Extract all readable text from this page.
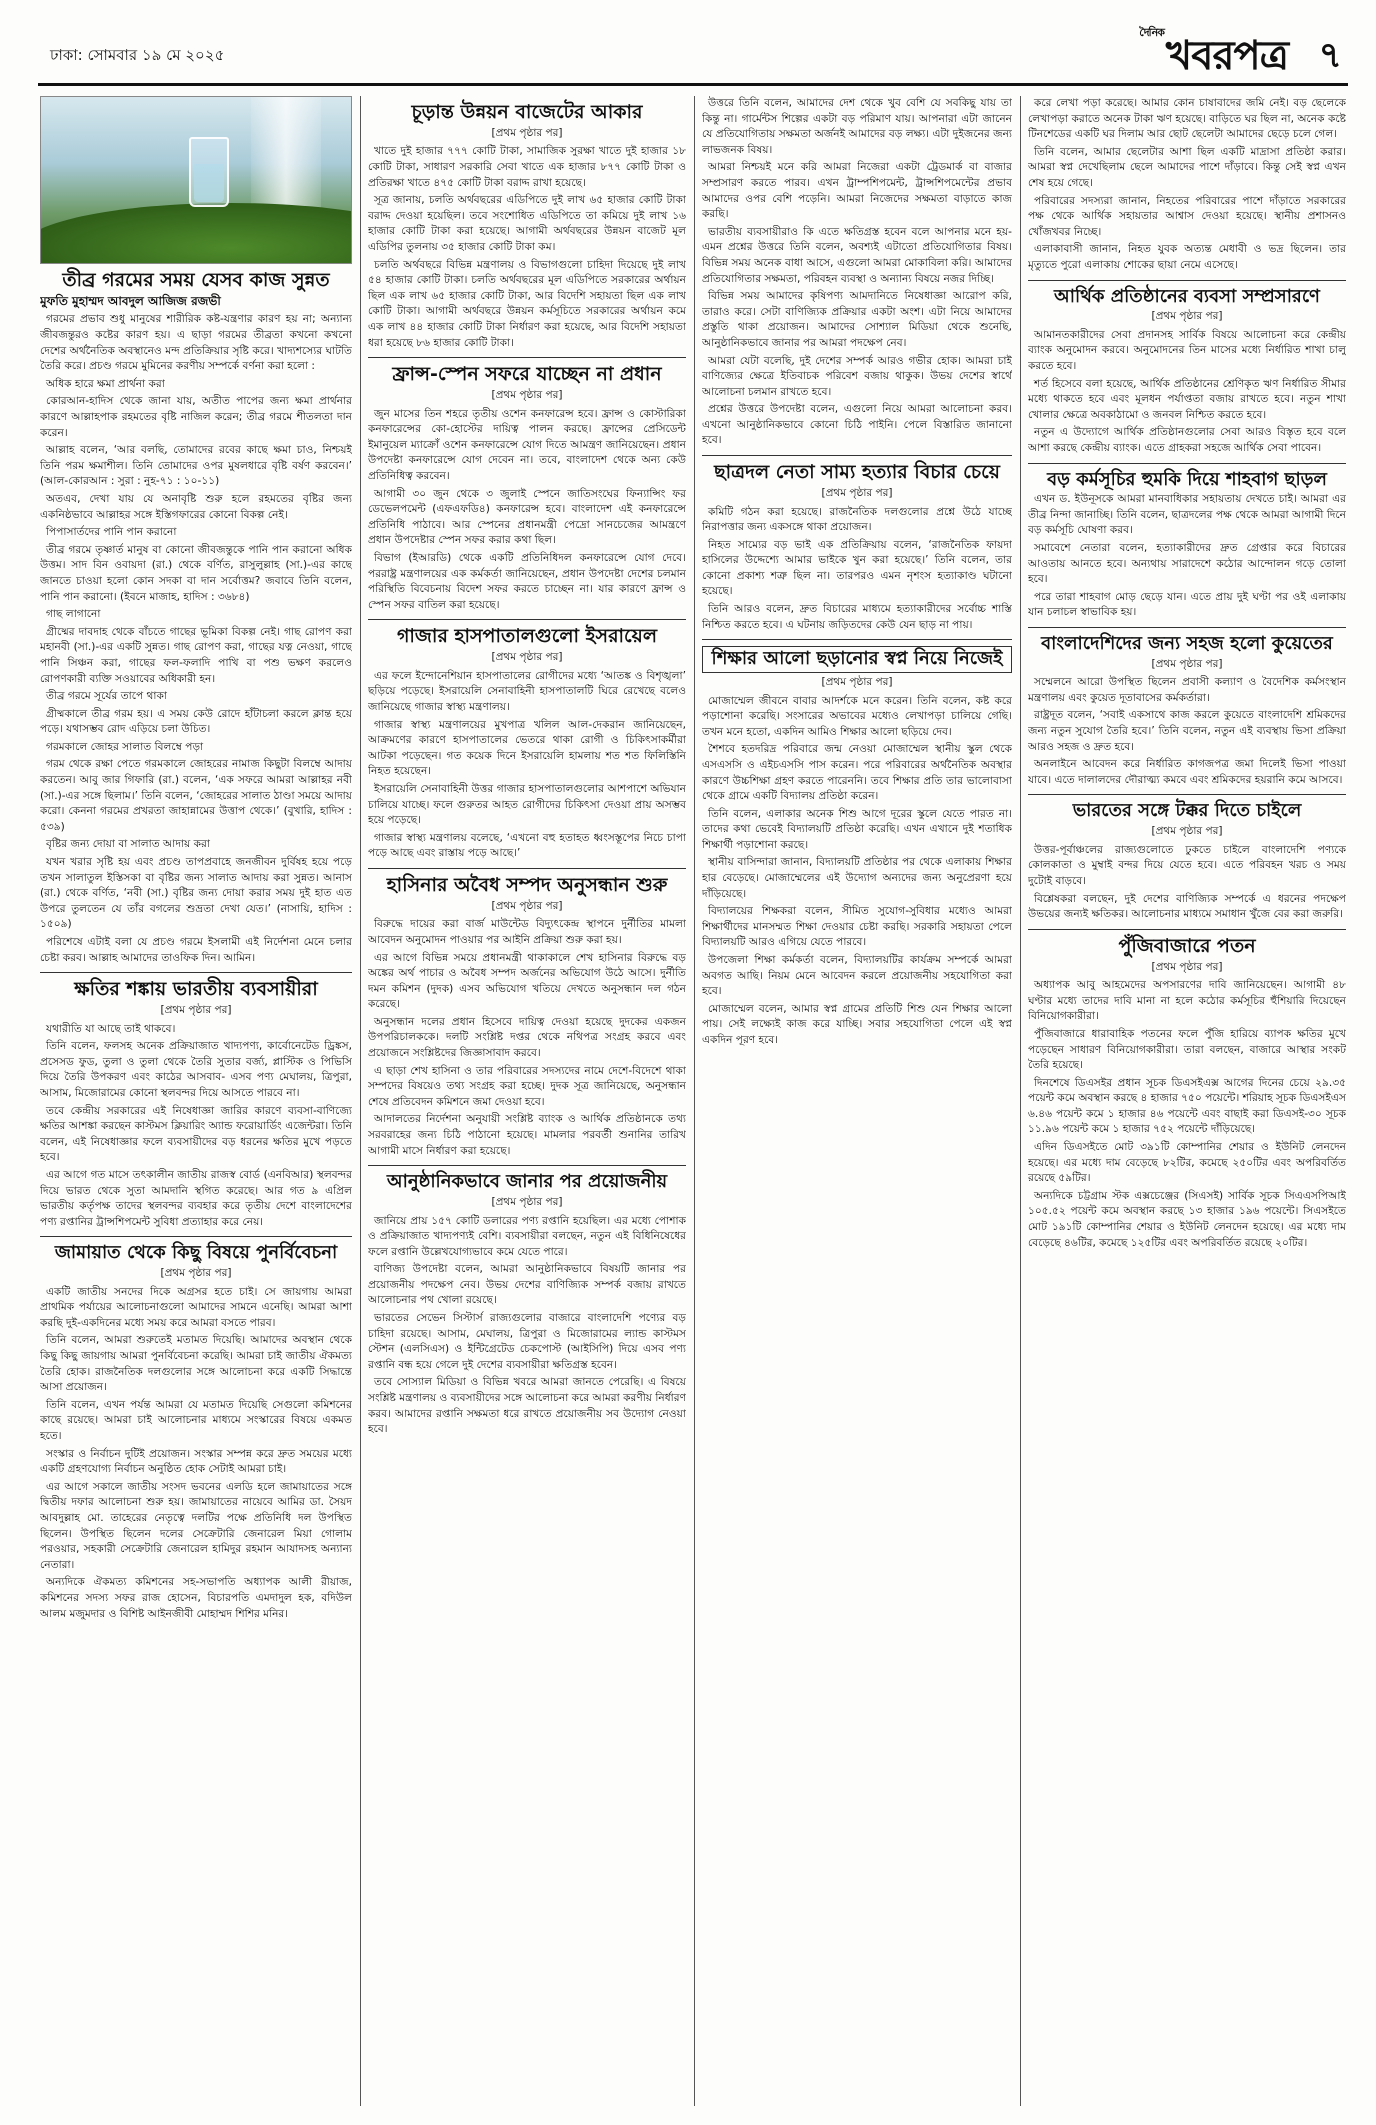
ঢাকা: সোমবার ১৯ মে ২০২৫
$^{দৈনিক}$খবরপত্র ৭
তীব্র গরমের সময় যেসব কাজ সুন্নত
মুফতি মুহাম্মদ আবদুল আজিজ রজভী

গরমের প্রভাব শুধু মানুষের শারীরিক কষ্ট-যন্ত্রণার কারণ হয় না; অন্যান্য জীবজন্তুরও কষ্টের কারণ হয়। এ ছাড়া গরমের তীব্রতা কখনো কখনো দেশের অর্থনৈতিক অবস্থানেও মন্দ প্রতিক্রিয়ার সৃষ্টি করে। খাদ্যশস্যের ঘাটতি তৈরি করে। প্রচণ্ড গরমে মুমিনের করণীয় সম্পর্কে বর্ণনা করা হলো :

অধিক হারে ক্ষমা প্রার্থনা করা

কোরআন-হাদিস থেকে জানা যায়, অতীত পাপের জন্য ক্ষমা প্রার্থনার কারণে আল্লাহপাক রহমতের বৃষ্টি নাজিল করেন; তীব্র গরমে শীতলতা দান করেন।

আল্লাহ বলেন, ‘আর বলছি, তোমাদের রবের কাছে ক্ষমা চাও, নিশ্চয়ই তিনি পরম ক্ষমাশীল। তিনি তোমাদের ওপর মুষলধারে বৃষ্টি বর্ষণ করবেন।’ (আল-কোরআন : সুরা : নুহ-৭১ : ১০-১১)

অতএব, দেখা যায় যে অনাবৃষ্টি শুরু হলে রহমতের বৃষ্টির জন্য একনিষ্ঠভাবে আল্লাহর সঙ্গে ইস্তিগফারের কোনো বিকল্প নেই।

পিপাসার্তদের পানি পান করানো

তীব্র গরমে তৃষ্ণার্ত মানুষ বা কোনো জীবজন্তুকে পানি পান করানো অধিক উত্তম। সাদ বিন ওবায়দা (রা.) থেকে বর্ণিত, রাসুলুল্লাহ (সা.)-এর কাছে জানতে চাওয়া হলো কোন সদকা বা দান সর্বোত্তম? জবাবে তিনি বলেন, পানি পান করানো। (ইবনে মাজাহ, হাদিস : ৩৬৮৪)

গাছ লাগানো

গ্রীষ্মের দাবদাহ থেকে বাঁচতে গাছের ভূমিকা বিকল্প নেই। গাছ রোপণ করা মহানবী (সা.)-এর একটি সুন্নত। গাছ রোপণ করা, গাছের যত্ন নেওয়া, গাছে পানি সিঞ্চন করা, গাছের ফল-ফলাদি পাখি বা পশু ভক্ষণ করলেও রোপণকারী ব্যক্তি সওয়াবের অধিকারী হন।

তীব্র গরমে সূর্যের তাপে থাকা

গ্রীষ্মকালে তীব্র গরম হয়। এ সময় কেউ রোদে হাঁটাচলা করলে ক্লান্ত হয়ে পড়ে। যথাসম্ভব রোদ এড়িয়ে চলা উচিত।

গরমকালে জোহর সালাত বিলম্বে পড়া

গরম থেকে রক্ষা পেতে গরমকালে জোহরের নামাজ কিছুটা বিলম্বে আদায় করতেন। আবু জার গিফারি (রা.) বলেন, ‘এক সফরে আমরা আল্লাহর নবী (সা.)-এর সঙ্গে ছিলাম।’ তিনি বলেন, ‘জোহরের সালাত ঠাণ্ডা সময়ে আদায় করো। কেননা গরমের প্রখরতা জাহান্নামের উত্তাপ থেকে।’ (বুখারি, হাদিস : ৫৩৯)

বৃষ্টির জন্য দোয়া বা সালাত আদায় করা

যখন খরার সৃষ্টি হয় এবং প্রচণ্ড তাপপ্রবাহে জনজীবন দুর্বিষহ হয়ে পড়ে তখন সালাতুল ইস্তিসকা বা বৃষ্টির জন্য সালাত আদায় করা সুন্নত। আনাস (রা.) থেকে বর্ণিত, ‘নবী (সা.) বৃষ্টির জন্য দোয়া করার সময় দুই হাত এত উপরে তুলতেন যে তাঁর বগলের শুভ্রতা দেখা যেত।’ (নাসায়ি, হাদিস : ১৫০৯)

পরিশেষে এটাই বলা যে প্রচণ্ড গরমে ইসলামী এই নির্দেশনা মেনে চলার চেষ্টা করব। আল্লাহ আমাদের তাওফিক দিন। আমিন।

ক্ষতির শঙ্কায় ভারতীয় ব্যবসায়ীরা
[প্রথম পৃষ্ঠার পর]

যথারীতি যা আছে তাই থাকবে।

তিনি বলেন, ফলসহ অনেক প্রক্রিয়াজাত খাদ্যপণ্য, কার্বোনেটেড ড্রিঙ্কস, প্রসেসড ফুড, তুলা ও তুলা থেকে তৈরি সুতার বর্জ্য, প্লাস্টিক ও পিভিসি দিয়ে তৈরি উপকরণ এবং কাঠের আসবাব- এসব পণ্য মেঘালয়, ত্রিপুরা, আসাম, মিজোরামের কোনো স্থলবন্দর দিয়ে আসতে পারবে না।

তবে কেন্দ্রীয় সরকারের এই নিষেধাজ্ঞা জারির কারণে ব্যবসা-বাণিজ্যে ক্ষতির আশঙ্কা করছেন কাস্টমস ক্লিয়ারিং অ্যান্ড ফরোয়ার্ডিং এজেন্টরা। তিনি বলেন, এই নিষেধাজ্ঞার ফলে ব্যবসায়ীদের বড় ধরনের ক্ষতির মুখে পড়তে হবে।

এর আগে গত মাসে তৎকালীন জাতীয় রাজস্ব বোর্ড (এনবিআর) স্থলবন্দর দিয়ে ভারত থেকে সুতা আমদানি স্থগিত করেছে। আর গত ৯ এপ্রিল ভারতীয় কর্তৃপক্ষ তাদের স্থলবন্দর ব্যবহার করে তৃতীয় দেশে বাংলাদেশের পণ্য রপ্তানির ট্রান্সশিপমেন্ট সুবিধা প্রত্যাহার করে নেয়।

জামায়াত থেকে কিছু বিষয়ে পুনর্বিবেচনা
[প্রথম পৃষ্ঠার পর]

একটি জাতীয় সনদের দিকে অগ্রসর হতে চাই। সে জায়গায় আমরা প্রাথমিক পর্যায়ের আলোচনাগুলো আমাদের সামনে এনেছি। আমরা আশা করছি দুই-একদিনের মধ্যে সময় করে আমরা বসতে পারব।

তিনি বলেন, আমরা শুরুতেই মতামত দিয়েছি। আমাদের অবস্থান থেকে কিছু কিছু জায়গায় আমরা পুনর্বিবেচনা করেছি। আমরা চাই জাতীয় ঐকমত্য তৈরি হোক। রাজনৈতিক দলগুলোর সঙ্গে আলোচনা করে একটি সিদ্ধান্তে আসা প্রয়োজন।

তিনি বলেন, এখন পর্যন্ত আমরা যে মতামত দিয়েছি সেগুলো কমিশনের কাছে রয়েছে। আমরা চাই আলোচনার মাধ্যমে সংস্কারের বিষয়ে একমত হতে।

সংস্কার ও নির্বাচন দুটিই প্রয়োজন। সংস্কার সম্পন্ন করে দ্রুত সময়ের মধ্যে একটি গ্রহণযোগ্য নির্বাচন অনুষ্ঠিত হোক সেটাই আমরা চাই।

এর আগে সকালে জাতীয় সংসদ ভবনের এলডি হলে জামায়াতের সঙ্গে দ্বিতীয় দফার আলোচনা শুরু হয়। জামায়াতের নায়েবে আমির ডা. সৈয়দ আবদুল্লাহ মো. তাহেরের নেতৃত্বে দলটির পক্ষে প্রতিনিধি দল উপস্থিত ছিলেন। উপস্থিত ছিলেন দলের সেক্রেটারি জেনারেল মিয়া গোলাম পরওয়ার, সহকারী সেক্রেটারি জেনারেল হামিদুর রহমান আযাদসহ অন্যান্য নেতারা।

অন্যদিকে ঐকমত্য কমিশনের সহ-সভাপতি অধ্যাপক আলী রীয়াজ, কমিশনের সদস্য সফর রাজ হোসেন, বিচারপতি এমদাদুল হক, বদিউল আলম মজুমদার ও বিশিষ্ট আইনজীবী মোহাম্মদ শিশির মনির।

চূড়ান্ত উন্নয়ন বাজেটের আকার
[প্রথম পৃষ্ঠার পর]

খাতে দুই হাজার ৭৭৭ কোটি টাকা, সামাজিক সুরক্ষা খাতে দুই হাজার ১৮ কোটি টাকা, সাধারণ সরকারি সেবা খাতে এক হাজার ৮৭৭ কোটি টাকা ও প্রতিরক্ষা খাতে ৪৭৫ কোটি টাকা বরাদ্দ রাখা হয়েছে।

সূত্র জানায়, চলতি অর্থবছরের এডিপিতে দুই লাখ ৬৫ হাজার কোটি টাকা বরাদ্দ দেওয়া হয়েছিল। তবে সংশোধিত এডিপিতে তা কমিয়ে দুই লাখ ১৬ হাজার কোটি টাকা করা হয়েছে। আগামী অর্থবছরের উন্নয়ন বাজেট মূল এডিপির তুলনায় ৩৫ হাজার কোটি টাকা কম।

চলতি অর্থবছরে বিভিন্ন মন্ত্রণালয় ও বিভাগগুলো চাহিদা দিয়েছে দুই লাখ ৫৪ হাজার কোটি টাকা। চলতি অর্থবছরের মূল এডিপিতে সরকারের অর্থায়ন ছিল এক লাখ ৬৫ হাজার কোটি টাকা, আর বিদেশি সহায়তা ছিল এক লাখ কোটি টাকা। আগামী অর্থবছরে উন্নয়ন কর্মসূচিতে সরকারের অর্থায়ন কমে এক লাখ ৪৪ হাজার কোটি টাকা নির্ধারণ করা হয়েছে, আর বিদেশি সহায়তা ধরা হয়েছে ৮৬ হাজার কোটি টাকা।

ফ্রান্স-স্পেন সফরে যাচ্ছেন না প্রধান
[প্রথম পৃষ্ঠার পর]

জুন মাসের তিন শহরে তৃতীয় ওশেন কনফারেন্স হবে। ফ্রান্স ও কোস্টারিকা কনফারেন্সের কো-হোস্টের দায়িত্ব পালন করছে। ফ্রান্সের প্রেসিডেন্ট ইমানুয়েল ম্যাক্রোঁ ওশেন কনফারেন্সে যোগ দিতে আমন্ত্রণ জানিয়েছেন। প্রধান উপদেষ্টা কনফারেন্সে যোগ দেবেন না। তবে, বাংলাদেশ থেকে অন্য কেউ প্রতিনিধিত্ব করবেন।

আগামী ৩০ জুন থেকে ৩ জুলাই স্পেনে জাতিসংঘের ফিন্যান্সিং ফর ডেভেলপমেন্ট (এফএফডি৪) কনফারেন্স হবে। বাংলাদেশ এই কনফারেন্সে প্রতিনিধি পাঠাবে। আর স্পেনের প্রধানমন্ত্রী পেদ্রো সানচেজের আমন্ত্রণে প্রধান উপদেষ্টার স্পেন সফর করার কথা ছিল।

বিভাগ (ইআরডি) থেকে একটি প্রতিনিধিদল কনফারেন্সে যোগ দেবে। পররাষ্ট্র মন্ত্রণালয়ের এক কর্মকর্তা জানিয়েছেন, প্রধান উপদেষ্টা দেশের চলমান পরিস্থিতি বিবেচনায় বিদেশ সফর করতে চাচ্ছেন না। যার কারণে ফ্রান্স ও স্পেন সফর বাতিল করা হয়েছে।

গাজার হাসপাতালগুলো ইসরায়েল
[প্রথম পৃষ্ঠার পর]

এর ফলে ইন্দোনেশিয়ান হাসপাতালের রোগীদের মধ্যে ‘আতঙ্ক ও বিশৃঙ্খলা’ ছড়িয়ে পড়েছে। ইসরায়েলি সেনাবাহিনী হাসপাতালটি ঘিরে রেখেছে বলেও জানিয়েছে গাজার স্বাস্থ্য মন্ত্রণালয়।

গাজার স্বাস্থ্য মন্ত্রণালয়ের মুখপাত্র খলিল আল-দেকরান জানিয়েছেন, আক্রমণের কারণে হাসপাতালের ভেতরে থাকা রোগী ও চিকিৎসাকর্মীরা আটকা পড়েছেন। গত কয়েক দিনে ইসরায়েলি হামলায় শত শত ফিলিস্তিনি নিহত হয়েছেন।

ইসরায়েলি সেনাবাহিনী উত্তর গাজার হাসপাতালগুলোর আশপাশে অভিযান চালিয়ে যাচ্ছে। ফলে গুরুতর আহত রোগীদের চিকিৎসা দেওয়া প্রায় অসম্ভব হয়ে পড়েছে।

গাজার স্বাস্থ্য মন্ত্রণালয় বলেছে, ‘এখনো বহু হতাহত ধ্বংসস্তূপের নিচে চাপা পড়ে আছে এবং রাস্তায় পড়ে আছে।’

হাসিনার অবৈধ সম্পদ অনুসন্ধান শুরু
[প্রথম পৃষ্ঠার পর]

বিরুদ্ধে দায়ের করা বার্জ মাউন্টেড বিদ্যুৎকেন্দ্র স্থাপনে দুর্নীতির মামলা আবেদন অনুমোদন পাওয়ার পর আইনি প্রক্রিয়া শুরু করা হয়।

এর আগে বিভিন্ন সময়ে প্রধানমন্ত্রী থাকাকালে শেখ হাসিনার বিরুদ্ধে বড় অঙ্কের অর্থ পাচার ও অবৈধ সম্পদ অর্জনের অভিযোগ উঠে আসে। দুর্নীতি দমন কমিশন (দুদক) এসব অভিযোগ খতিয়ে দেখতে অনুসন্ধান দল গঠন করেছে।

অনুসন্ধান দলের প্রধান হিসেবে দায়িত্ব দেওয়া হয়েছে দুদকের একজন উপপরিচালককে। দলটি সংশ্লিষ্ট দপ্তর থেকে নথিপত্র সংগ্রহ করবে এবং প্রয়োজনে সংশ্লিষ্টদের জিজ্ঞাসাবাদ করবে।

এ ছাড়া শেখ হাসিনা ও তার পরিবারের সদস্যদের নামে দেশে-বিদেশে থাকা সম্পদের বিষয়েও তথ্য সংগ্রহ করা হচ্ছে। দুদক সূত্র জানিয়েছে, অনুসন্ধান শেষে প্রতিবেদন কমিশনে জমা দেওয়া হবে।

আদালতের নির্দেশনা অনুযায়ী সংশ্লিষ্ট ব্যাংক ও আর্থিক প্রতিষ্ঠানকে তথ্য সরবরাহের জন্য চিঠি পাঠানো হয়েছে। মামলার পরবর্তী শুনানির তারিখ আগামী মাসে নির্ধারণ করা হয়েছে।

আনুষ্ঠানিকভাবে জানার পর প্রয়োজনীয়
[প্রথম পৃষ্ঠার পর]

জানিয়ে প্রায় ১৫৭ কোটি ডলারের পণ্য রপ্তানি হয়েছিল। এর মধ্যে পোশাক ও প্রক্রিয়াজাত খাদ্যপণ্যই বেশি। ব্যবসায়ীরা বলছেন, নতুন এই বিধিনিষেধের ফলে রপ্তানি উল্লেখযোগ্যভাবে কমে যেতে পারে।

বাণিজ্য উপদেষ্টা বলেন, আমরা আনুষ্ঠানিকভাবে বিষয়টি জানার পর প্রয়োজনীয় পদক্ষেপ নেব। উভয় দেশের বাণিজ্যিক সম্পর্ক বজায় রাখতে আলোচনার পথ খোলা রয়েছে।

ভারতের সেভেন সিস্টার্স রাজ্যগুলোর বাজারে বাংলাদেশি পণ্যের বড় চাহিদা রয়েছে। আসাম, মেঘালয়, ত্রিপুরা ও মিজোরামের ল্যান্ড কাস্টমস স্টেশন (এলসিএস) ও ইন্টিগ্রেটেড চেকপোস্ট (আইসিপি) দিয়ে এসব পণ্য রপ্তানি বন্ধ হয়ে গেলে দুই দেশের ব্যবসায়ীরা ক্ষতিগ্রস্ত হবেন।

তবে সোস্যাল মিডিয়া ও বিভিন্ন খবরে আমরা জানতে পেরেছি। এ বিষয়ে সংশ্লিষ্ট মন্ত্রণালয় ও ব্যবসায়ীদের সঙ্গে আলোচনা করে আমরা করণীয় নির্ধারণ করব। আমাদের রপ্তানি সক্ষমতা ধরে রাখতে প্রয়োজনীয় সব উদ্যোগ নেওয়া হবে।

উত্তরে তিনি বলেন, আমাদের দেশ থেকে খুব বেশি যে সবকিছু যায় তা কিন্তু না। গার্মেন্টস শিল্পের একটা বড় পরিমাণ যায়। আপনারা এটা জানেন যে প্রতিযোগিতায় সক্ষমতা অর্জনই আমাদের বড় লক্ষ্য। এটা দুইজনের জন্য লাভজনক বিষয়।

আমরা নিশ্চয়ই মনে করি আমরা নিজেরা একটা ট্রেডমার্ক বা বাজার সম্প্রসারণ করতে পারব। এখন ট্রাম্পশিপমেন্ট, ট্রান্সশিপমেন্টের প্রভাব আমাদের ওপর বেশি পড়েনি। আমরা নিজেদের সক্ষমতা বাড়াতে কাজ করছি।

ভারতীয় ব্যবসায়ীরাও কি এতে ক্ষতিগ্রস্ত হবেন বলে আপনার মনে হয়- এমন প্রশ্নের উত্তরে তিনি বলেন, অবশ্যই এটাতো প্রতিযোগিতার বিষয়। বিভিন্ন সময় অনেক বাধা আসে, এগুলো আমরা মোকাবিলা করি। আমাদের প্রতিযোগিতার সক্ষমতা, পরিবহন ব্যবস্থা ও অন্যান্য বিষয়ে নজর দিচ্ছি।

বিভিন্ন সময় আমাদের কৃষিপণ্য আমদানিতে নিষেধাজ্ঞা আরোপ করি, তারাও করে। সেটা বাণিজ্যিক প্রক্রিয়ার একটা অংশ। এটা নিয়ে আমাদের প্রস্তুতি থাকা প্রয়োজন। আমাদের সোশ্যাল মিডিয়া থেকে শুনেছি, আনুষ্ঠানিকভাবে জানার পর আমরা পদক্ষেপ নেব।

আমরা যেটা বলেছি, দুই দেশের সম্পর্ক আরও গভীর হোক। আমরা চাই বাণিজ্যের ক্ষেত্রে ইতিবাচক পরিবেশ বজায় থাকুক। উভয় দেশের স্বার্থে আলোচনা চলমান রাখতে হবে।

প্রশ্নের উত্তরে উপদেষ্টা বলেন, এগুলো নিয়ে আমরা আলোচনা করব। এখনো আনুষ্ঠানিকভাবে কোনো চিঠি পাইনি। পেলে বিস্তারিত জানানো হবে।

ছাত্রদল নেতা সাম্য হত্যার বিচার চেয়ে
[প্রথম পৃষ্ঠার পর]

কমিটি গঠন করা হয়েছে। রাজনৈতিক দলগুলোর প্রশ্নে উঠে যাচ্ছে নিরাপত্তার জন্য একসঙ্গে থাকা প্রয়োজন।

নিহত সাম্যের বড় ভাই এক প্রতিক্রিয়ায় বলেন, ‘রাজনৈতিক ফায়দা হাসিলের উদ্দেশ্যে আমার ভাইকে খুন করা হয়েছে।’ তিনি বলেন, তার কোনো প্রকাশ্য শত্রু ছিল না। তারপরও এমন নৃশংস হত্যাকাণ্ড ঘটানো হয়েছে।

তিনি আরও বলেন, দ্রুত বিচারের মাধ্যমে হত্যাকারীদের সর্বোচ্চ শাস্তি নিশ্চিত করতে হবে। এ ঘটনায় জড়িতদের কেউ যেন ছাড় না পায়।

শিক্ষার আলো ছড়ানোর স্বপ্ন নিয়ে নিজেই
[প্রথম পৃষ্ঠার পর]

মোজাম্মেল জীবনে বাবার আদর্শকে মনে করেন। তিনি বলেন, কষ্ট করে পড়াশোনা করেছি। সংসারের অভাবের মধ্যেও লেখাপড়া চালিয়ে গেছি। তখন মনে হতো, একদিন আমিও শিক্ষার আলো ছড়িয়ে দেব।

শৈশবে হতদরিদ্র পরিবারে জন্ম নেওয়া মোজাম্মেল স্থানীয় স্কুল থেকে এসএসসি ও এইচএসসি পাস করেন। পরে পরিবারের অর্থনৈতিক অবস্থার কারণে উচ্চশিক্ষা গ্রহণ করতে পারেননি। তবে শিক্ষার প্রতি তার ভালোবাসা থেকে গ্রামে একটি বিদ্যালয় প্রতিষ্ঠা করেন।

তিনি বলেন, এলাকার অনেক শিশু আগে দূরের স্কুলে যেতে পারত না। তাদের কথা ভেবেই বিদ্যালয়টি প্রতিষ্ঠা করেছি। এখন এখানে দুই শতাধিক শিক্ষার্থী পড়াশোনা করছে।

স্থানীয় বাসিন্দারা জানান, বিদ্যালয়টি প্রতিষ্ঠার পর থেকে এলাকায় শিক্ষার হার বেড়েছে। মোজাম্মেলের এই উদ্যোগ অন্যদের জন্য অনুপ্রেরণা হয়ে দাঁড়িয়েছে।

বিদ্যালয়ের শিক্ষকরা বলেন, সীমিত সুযোগ-সুবিধার মধ্যেও আমরা শিক্ষার্থীদের মানসম্মত শিক্ষা দেওয়ার চেষ্টা করছি। সরকারি সহায়তা পেলে বিদ্যালয়টি আরও এগিয়ে যেতে পারবে।

উপজেলা শিক্ষা কর্মকর্তা বলেন, বিদ্যালয়টির কার্যক্রম সম্পর্কে আমরা অবগত আছি। নিয়ম মেনে আবেদন করলে প্রয়োজনীয় সহযোগিতা করা হবে।

মোজাম্মেল বলেন, আমার স্বপ্ন গ্রামের প্রতিটি শিশু যেন শিক্ষার আলো পায়। সেই লক্ষ্যেই কাজ করে যাচ্ছি। সবার সহযোগিতা পেলে এই স্বপ্ন একদিন পূরণ হবে।

করে লেখা পড়া করেছে। আমার কোন চাষাবাদের জমি নেই। বড় ছেলেকে লেখাপড়া করাতে অনেক টাকা ঋণ হয়েছে। বাড়িতে ঘর ছিল না, অনেক কষ্টে টিনশেডের একটি ঘর দিলাম আর ছোট ছেলেটা আমাদের ছেড়ে চলে গেল।

তিনি বলেন, আমার ছেলেটার আশা ছিল একটি মাদ্রাসা প্রতিষ্ঠা করার। আমরা স্বপ্ন দেখেছিলাম ছেলে আমাদের পাশে দাঁড়াবে। কিন্তু সেই স্বপ্ন এখন শেষ হয়ে গেছে।

পরিবারের সদস্যরা জানান, নিহতের পরিবারের পাশে দাঁড়াতে সরকারের পক্ষ থেকে আর্থিক সহায়তার আশ্বাস দেওয়া হয়েছে। স্থানীয় প্রশাসনও খোঁজখবর নিচ্ছে।

এলাকাবাসী জানান, নিহত যুবক অত্যন্ত মেধাবী ও ভদ্র ছিলেন। তার মৃত্যুতে পুরো এলাকায় শোকের ছায়া নেমে এসেছে।

আর্থিক প্রতিষ্ঠানের ব্যবসা সম্প্রসারণে
[প্রথম পৃষ্ঠার পর]

আমানতকারীদের সেবা প্রদানসহ সার্বিক বিষয়ে আলোচনা করে কেন্দ্রীয় ব্যাংক অনুমোদন করবে। অনুমোদনের তিন মাসের মধ্যে নির্ধারিত শাখা চালু করতে হবে।

শর্ত হিসেবে বলা হয়েছে, আর্থিক প্রতিষ্ঠানের শ্রেণিকৃত ঋণ নির্ধারিত সীমার মধ্যে থাকতে হবে এবং মূলধন পর্যাপ্ততা বজায় রাখতে হবে। নতুন শাখা খোলার ক্ষেত্রে অবকাঠামো ও জনবল নিশ্চিত করতে হবে।

নতুন এ উদ্যোগে আর্থিক প্রতিষ্ঠানগুলোর সেবা আরও বিস্তৃত হবে বলে আশা করছে কেন্দ্রীয় ব্যাংক। এতে গ্রাহকরা সহজে আর্থিক সেবা পাবেন।

বড় কর্মসূচির হুমকি দিয়ে শাহবাগ ছাড়ল

এখন ড. ইউনূসকে আমরা মানবাধিকার সহায়তায় দেখতে চাই। আমরা এর তীব্র নিন্দা জানাচ্ছি। তিনি বলেন, ছাত্রদলের পক্ষ থেকে আমরা আগামী দিনে বড় কর্মসূচি ঘোষণা করব।

সমাবেশে নেতারা বলেন, হত্যাকারীদের দ্রুত গ্রেপ্তার করে বিচারের আওতায় আনতে হবে। অন্যথায় সারাদেশে কঠোর আন্দোলন গড়ে তোলা হবে।

পরে তারা শাহবাগ মোড় ছেড়ে যান। এতে প্রায় দুই ঘণ্টা পর ওই এলাকায় যান চলাচল স্বাভাবিক হয়।

বাংলাদেশিদের জন্য সহজ হলো কুয়েতের
[প্রথম পৃষ্ঠার পর]

সম্মেলনে আরো উপস্থিত ছিলেন প্রবাসী কল্যাণ ও বৈদেশিক কর্মসংস্থান মন্ত্রণালয় এবং কুয়েত দূতাবাসের কর্মকর্তারা।

রাষ্ট্রদূত বলেন, ‘সবাই একসাথে কাজ করলে কুয়েতে বাংলাদেশি শ্রমিকদের জন্য নতুন সুযোগ তৈরি হবে।’ তিনি বলেন, নতুন এই ব্যবস্থায় ভিসা প্রক্রিয়া আরও সহজ ও দ্রুত হবে।

অনলাইনে আবেদন করে নির্ধারিত কাগজপত্র জমা দিলেই ভিসা পাওয়া যাবে। এতে দালালদের দৌরাত্ম্য কমবে এবং শ্রমিকদের হয়রানি কমে আসবে।

ভারতের সঙ্গে টক্কর দিতে চাইলে
[প্রথম পৃষ্ঠার পর]

উত্তর-পূর্বাঞ্চলের রাজ্যগুলোতে ঢুকতে চাইলে বাংলাদেশি পণ্যকে কোলকাতা ও মুম্বাই বন্দর দিয়ে যেতে হবে। এতে পরিবহন খরচ ও সময় দুটোই বাড়বে।

বিশ্লেষকরা বলছেন, দুই দেশের বাণিজ্যিক সম্পর্কে এ ধরনের পদক্ষেপ উভয়ের জন্যই ক্ষতিকর। আলোচনার মাধ্যমে সমাধান খুঁজে বের করা জরুরি।

পুঁজিবাজারে পতন
[প্রথম পৃষ্ঠার পর]

অধ্যাপক আবু আহমেদের অপসারণের দাবি জানিয়েছেন। আগামী ৪৮ ঘণ্টার মধ্যে তাদের দাবি মানা না হলে কঠোর কর্মসূচির হুঁশিয়ারি দিয়েছেন বিনিয়োগকারীরা।

পুঁজিবাজারে ধারাবাহিক পতনের ফলে পুঁজি হারিয়ে ব্যাপক ক্ষতির মুখে পড়েছেন সাধারণ বিনিয়োগকারীরা। তারা বলছেন, বাজারে আস্থার সংকট তৈরি হয়েছে।

দিনশেষে ডিএসইর প্রধান সূচক ডিএসইএক্স আগের দিনের চেয়ে ২৯.৩৫ পয়েন্ট কমে অবস্থান করছে ৪ হাজার ৭৫০ পয়েন্টে। শরিয়াহ সূচক ডিএসইএস ৬.৪৬ পয়েন্ট কমে ১ হাজার ৪৬ পয়েন্টে এবং বাছাই করা ডিএসই-৩০ সূচক ১১.৯৬ পয়েন্ট কমে ১ হাজার ৭৫২ পয়েন্টে দাঁড়িয়েছে।

এদিন ডিএসইতে মোট ৩৯১টি কোম্পানির শেয়ার ও ইউনিট লেনদেন হয়েছে। এর মধ্যে দাম বেড়েছে ৮২টির, কমেছে ২৫০টির এবং অপরিবর্তিত রয়েছে ৫৯টির।

অন্যদিকে চট্টগ্রাম স্টক এক্সচেঞ্জের (সিএসই) সার্বিক সূচক সিএএসপিআই ১০৫.৫২ পয়েন্ট কমে অবস্থান করছে ১৩ হাজার ১৯৬ পয়েন্টে। সিএসইতে মোট ১৯১টি কোম্পানির শেয়ার ও ইউনিট লেনদেন হয়েছে। এর মধ্যে দাম বেড়েছে ৪৬টির, কমেছে ১২৫টির এবং অপরিবর্তিত রয়েছে ২০টির।
